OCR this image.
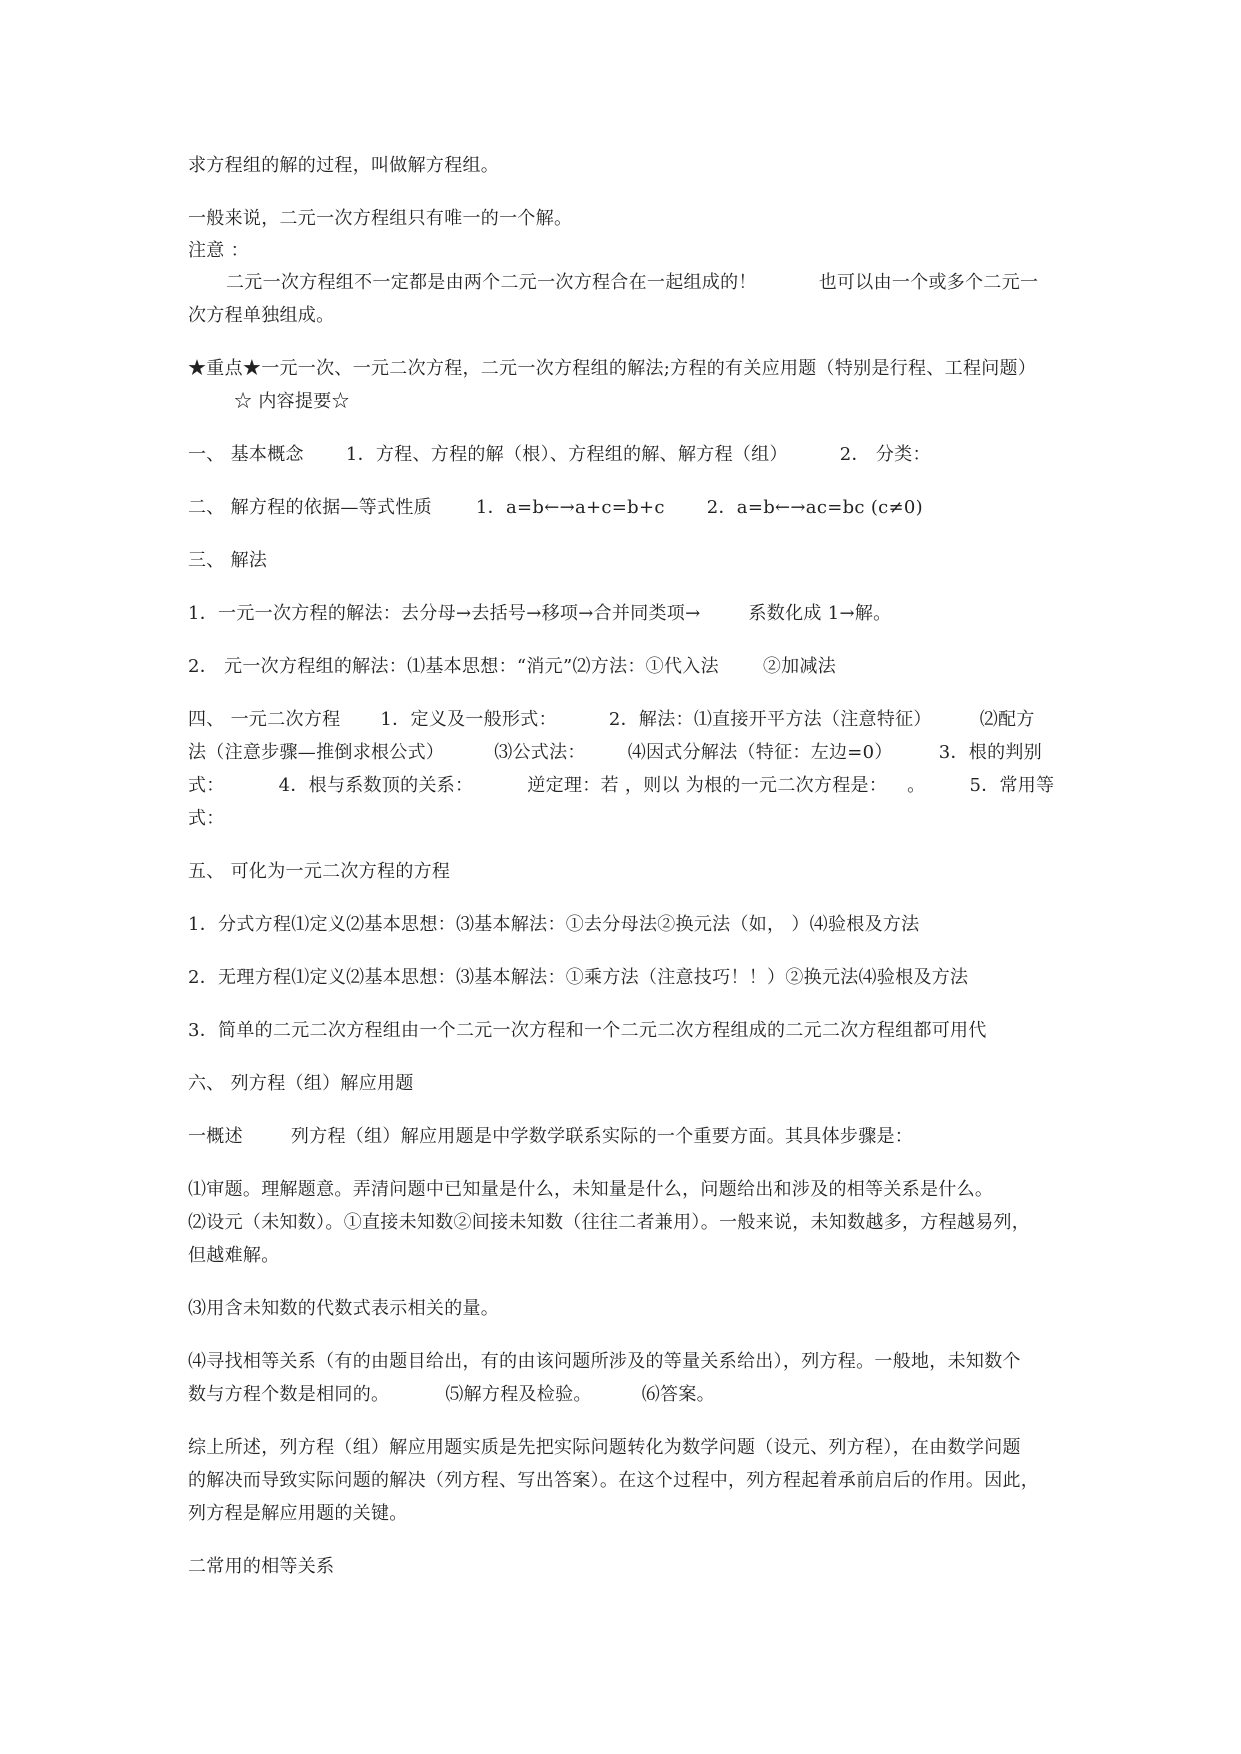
求方程组的解的过程，叫做解方程组。
一般来说，二元一次方程组只有唯一的一个解。
注意 ：
二元一次方程组不一定都是由两个二元一次方程合在一起组成的！	也可以由一个或多个二元一
次方程单独组成。
★重点★一元一次、一元二次方程，二元一次方程组的解法;方程的有关应用题（特别是行程、工程问题）
☆ 内容提要☆
一、 基本概念 1．方程、方程的解（根）、方程组的解、解方程（组）	2． 分类：
二、 解方程的依据—等式性质 1．a=b←→a+c=b+c 2．a=b←→ac=bc (c≠0)
三、 解法
1．一元一次方程的解法：去分母→去括号→移项→合并同类项→	系数化成 1→解。
2． 元一次方程组的解法：⑴基本思想：“消元”⑵方法：①代入法 ②加减法
四、 一元二次方程 1．定义及一般形式：	2．解法：⑴直接开平方法（注意特征）	⑵配方
法（注意步骤—推倒求根公式）	⑶公式法： ⑷因式分解法（特征：左边=0）	3．根的判别
式：	4．根与系数顶的关系：	逆定理：若 ，则以 为根的一元二次方程是： 。 5．常用等
式：
五、 可化为一元二次方程的方程
1．分式方程⑴定义⑵基本思想：⑶基本解法：①去分母法②换元法（如， ）⑷验根及方法
2．无理方程⑴定义⑵基本思想：⑶基本解法：①乘方法（注意技巧！！）②换元法⑷验根及方法
3．简单的二元二次方程组由一个二元一次方程和一个二元二次方程组成的二元二次方程组都可用代
六、 列方程（组）解应用题
一概述	列方程（组）解应用题是中学数学联系实际的一个重要方面。其具体步骤是：
⑴审题。理解题意。弄清问题中已知量是什么，未知量是什么，问题给出和涉及的相等关系是什么。
⑵设元（未知数）。①直接未知数②间接未知数（往往二者兼用）。一般来说，未知数越多，方程越易列，
但越难解。
⑶用含未知数的代数式表示相关的量。
⑷寻找相等关系（有的由题目给出，有的由该问题所涉及的等量关系给出），列方程。一般地，未知数个
数与方程个数是相同的。	⑸解方程及检验。	⑹答案。
综上所述，列方程（组）解应用题实质是先把实际问题转化为数学问题（设元、列方程），在由数学问题
的解决而导致实际问题的解决（列方程、写出答案）。在这个过程中，列方程起着承前启后的作用。因此，
列方程是解应用题的关键。
二常用的相等关系
